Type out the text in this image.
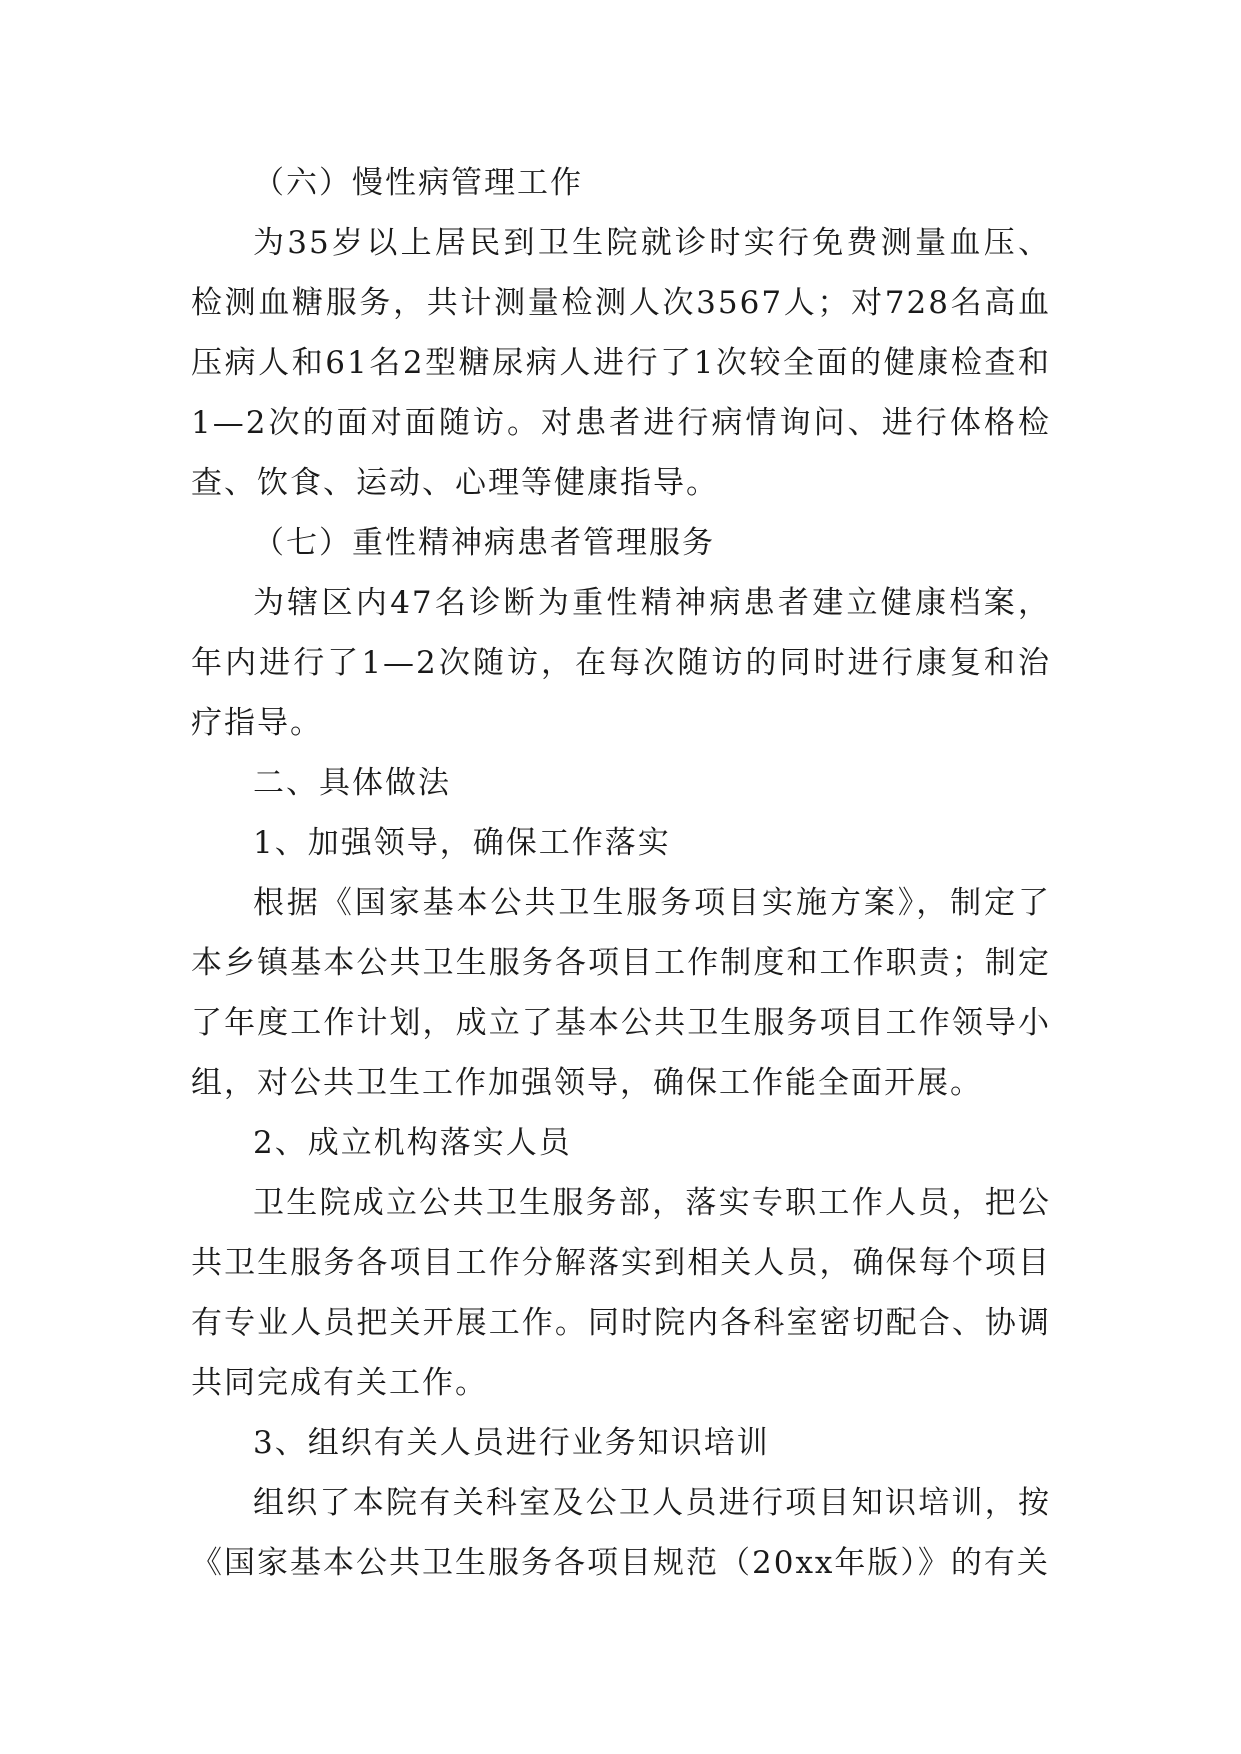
（六）慢性病管理工作

为35岁以上居民到卫生院就诊时实行免费测量血压、检测血糖服务，共计测量检测人次3567人；对728名高血压病人和61名2型糖尿病人进行了1次较全面的健康检查和1—2次的面对面随访。对患者进行病情询问、进行体格检查、饮食、运动、心理等健康指导。

（七）重性精神病患者管理服务

为辖区内47名诊断为重性精神病患者建立健康档案，年内进行了1—2次随访，在每次随访的同时进行康复和治疗指导。

二、具体做法

1、加强领导，确保工作落实

根据《国家基本公共卫生服务项目实施方案》，制定了本乡镇基本公共卫生服务各项目工作制度和工作职责；制定了年度工作计划，成立了基本公共卫生服务项目工作领导小组，对公共卫生工作加强领导，确保工作能全面开展。

2、成立机构落实人员

卫生院成立公共卫生服务部，落实专职工作人员，把公共卫生服务各项目工作分解落实到相关人员，确保每个项目有专业人员把关开展工作。同时院内各科室密切配合、协调共同完成有关工作。

3、组织有关人员进行业务知识培训

组织了本院有关科室及公卫人员进行项目知识培训，按《国家基本公共卫生服务各项目规范（20xx年版）》的有关
